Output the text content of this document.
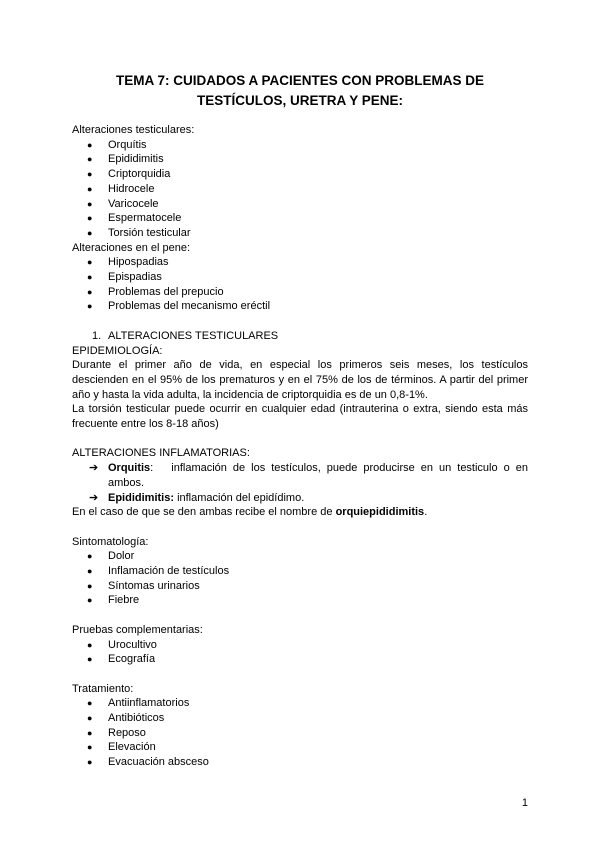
TEMA 7: CUIDADOS A PACIENTES CON PROBLEMAS DE TESTÍCULOS, URETRA Y PENE:

Alteraciones testiculares:

● Orquítis
● Epididimitis
● Criptorquidia
● Hidrocele
● Varicocele
● Espermatocele
● Torsión testicular

Alteraciones en el pene:

● Hipospadias
● Epispadias
● Problemas del prepucio
● Problemas del mecanismo eréctil
1. ALTERACIONES TESTICULARES

EPIDEMIOLOGÍA:

Durante el primer año de vida, en especial los primeros seis meses, los testículos descienden en el 95% de los prematuros y en el 75% de los de términos. A partir del primer año y hasta la vida adulta, la incidencia de criptorquidia es de un 0,8-1%.

La torsión testicular puede ocurrir en cualquier edad (intrauterina o extra, siendo esta más frecuente entre los 8-18 años)

ALTERACIONES INFLAMATORIAS:

➔ Orquitis: inflamación de los testículos, puede producirse en un testiculo o en ambos.
➔ Epididimitis: inflamación del epidídimo.

En el caso de que se den ambas recibe el nombre de orquiepididimitis.

Sintomatología:

● Dolor
● Inflamación de testículos
● Síntomas urinarios
● Fiebre

Pruebas complementarias:

● Urocultivo
● Ecografía

Tratamiento:

● Antiinflamatorios
● Antibióticos
● Reposo
● Elevación
● Evacuación absceso
1
